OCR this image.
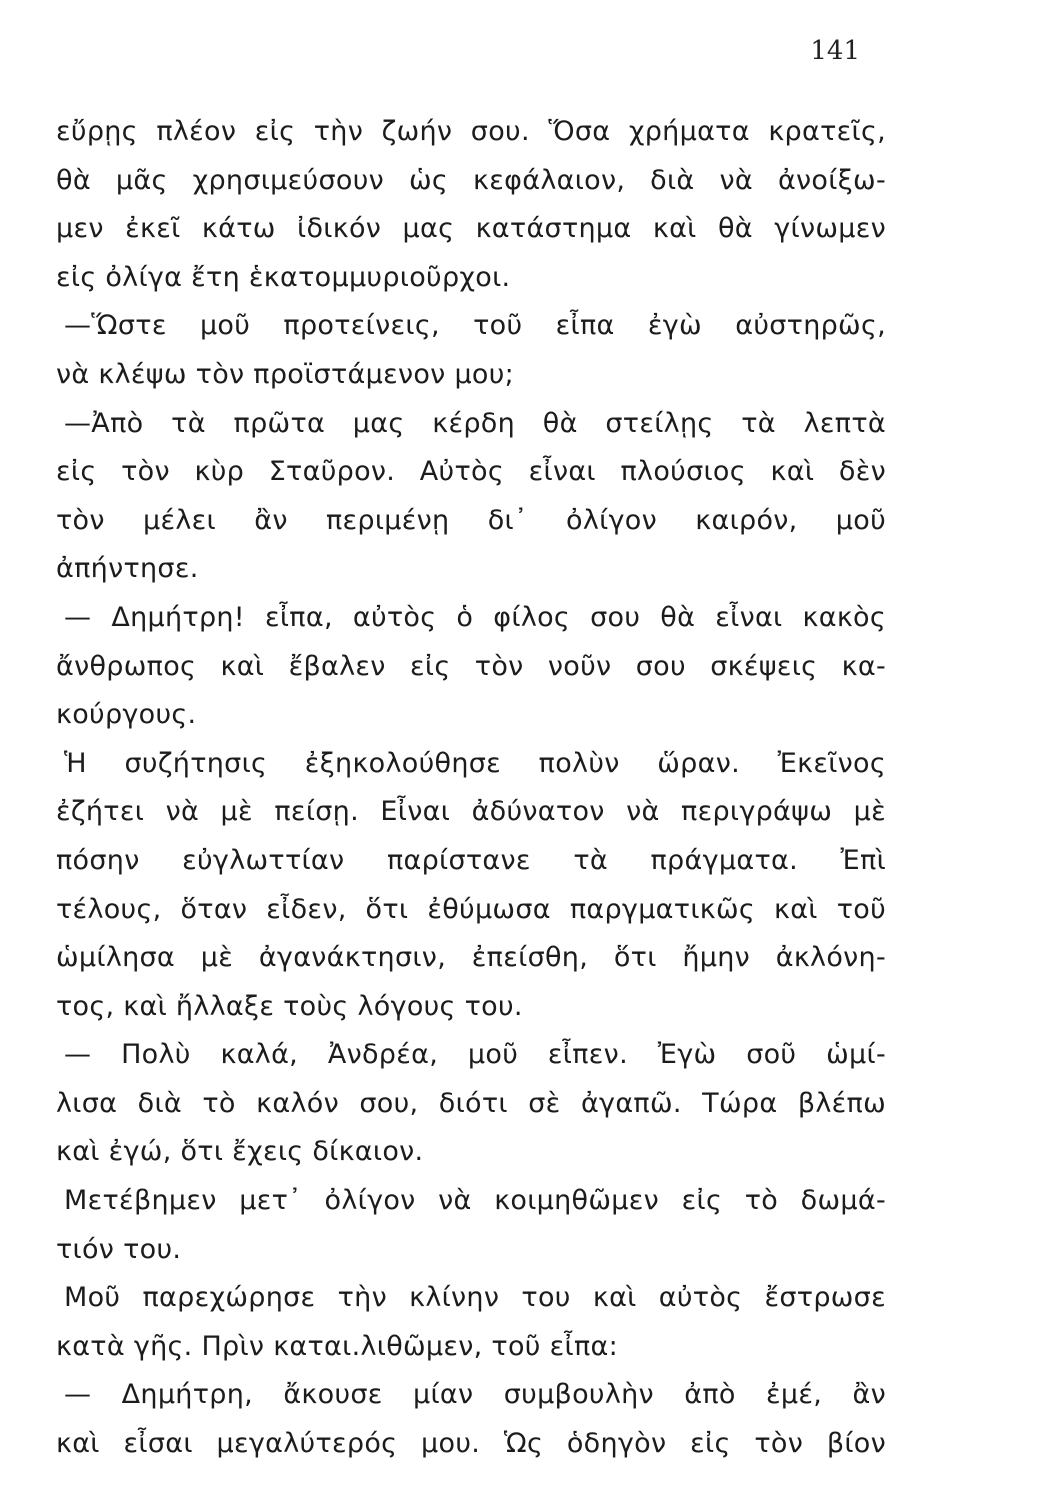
141
εὔρῃς πλέον εἰς τὴν ζωήν σου. Ὅσα χρήματα κρατεῖς,
θὰ μᾶς χρησιμεύσουν ὡς κεφάλαιον, διὰ νὰ ἀνοίξω-
μεν ἐκεῖ κάτω ἰδικόν μας κατάστημα καὶ θὰ γίνωμεν
εἰς ὀλίγα ἔτη ἑκατομμυριοῦρχοι.
—Ὥστε μοῦ προτείνεις, τοῦ εἶπα ἐγὼ αὐστηρῶς,
νὰ κλέψω τὸν προϊστάμενον μου;
—Ἀπὸ τὰ πρῶτα μας κέρδη θὰ στείλῃς τὰ λεπτὰ
εἰς τὸν κὺρ Σταῦρον. Αὐτὸς εἶναι πλούσιος καὶ δὲν
τὸν μέλει ἂν περιμένῃ δι᾽ ὀλίγον καιρόν, μοῦ
ἀπήντησε.
— Δημήτρη! εἶπα, αὐτὸς ὁ φίλος σου θὰ εἶναι κακὸς
ἄνθρωπος καὶ ἔβαλεν εἰς τὸν νοῦν σου σκέψεις κα-
κούργους.
Ἡ συζήτησις ἐξηκολούθησε πολὺν ὥραν. Ἐκεῖνος
ἐζήτει νὰ μὲ πείσῃ. Εἶναι ἀδύνατον νὰ περιγράψω μὲ
πόσην εὐγλωττίαν παρίστανε τὰ πράγματα. Ἐπὶ
τέλους, ὅταν εἶδεν, ὅτι ἐθύμωσα παργματικῶς καὶ τοῦ
ὡμίλησα μὲ ἀγανάκτησιν, ἐπείσθη, ὅτι ἤμην ἀκλόνη-
τος, καὶ ἤλλαξε τοὺς λόγους του.
— Πολὺ καλά, Ἀνδρέα, μοῦ εἶπεν. Ἐγὼ σοῦ ὡμί-
λισα διὰ τὸ καλόν σου, διότι σὲ ἀγαπῶ. Τώρα βλέπω
καὶ ἐγώ, ὅτι ἔχεις δίκαιον.
Μετέβημεν μετ᾽ ὀλίγον νὰ κοιμηθῶμεν εἰς τὸ δωμά-
τιόν του.
Μοῦ παρεχώρησε τὴν κλίνην του καὶ αὐτὸς ἔστρωσε
κατὰ γῆς. Πρὶν καται.λιθῶμεν, τοῦ εἶπα:
— Δημήτρη, ἄκουσε μίαν συμβουλὴν ἀπὸ ἐμέ, ἂν
καὶ εἶσαι μεγαλύτερός μου. Ὡς ὁδηγὸν εἰς τὸν βίον
